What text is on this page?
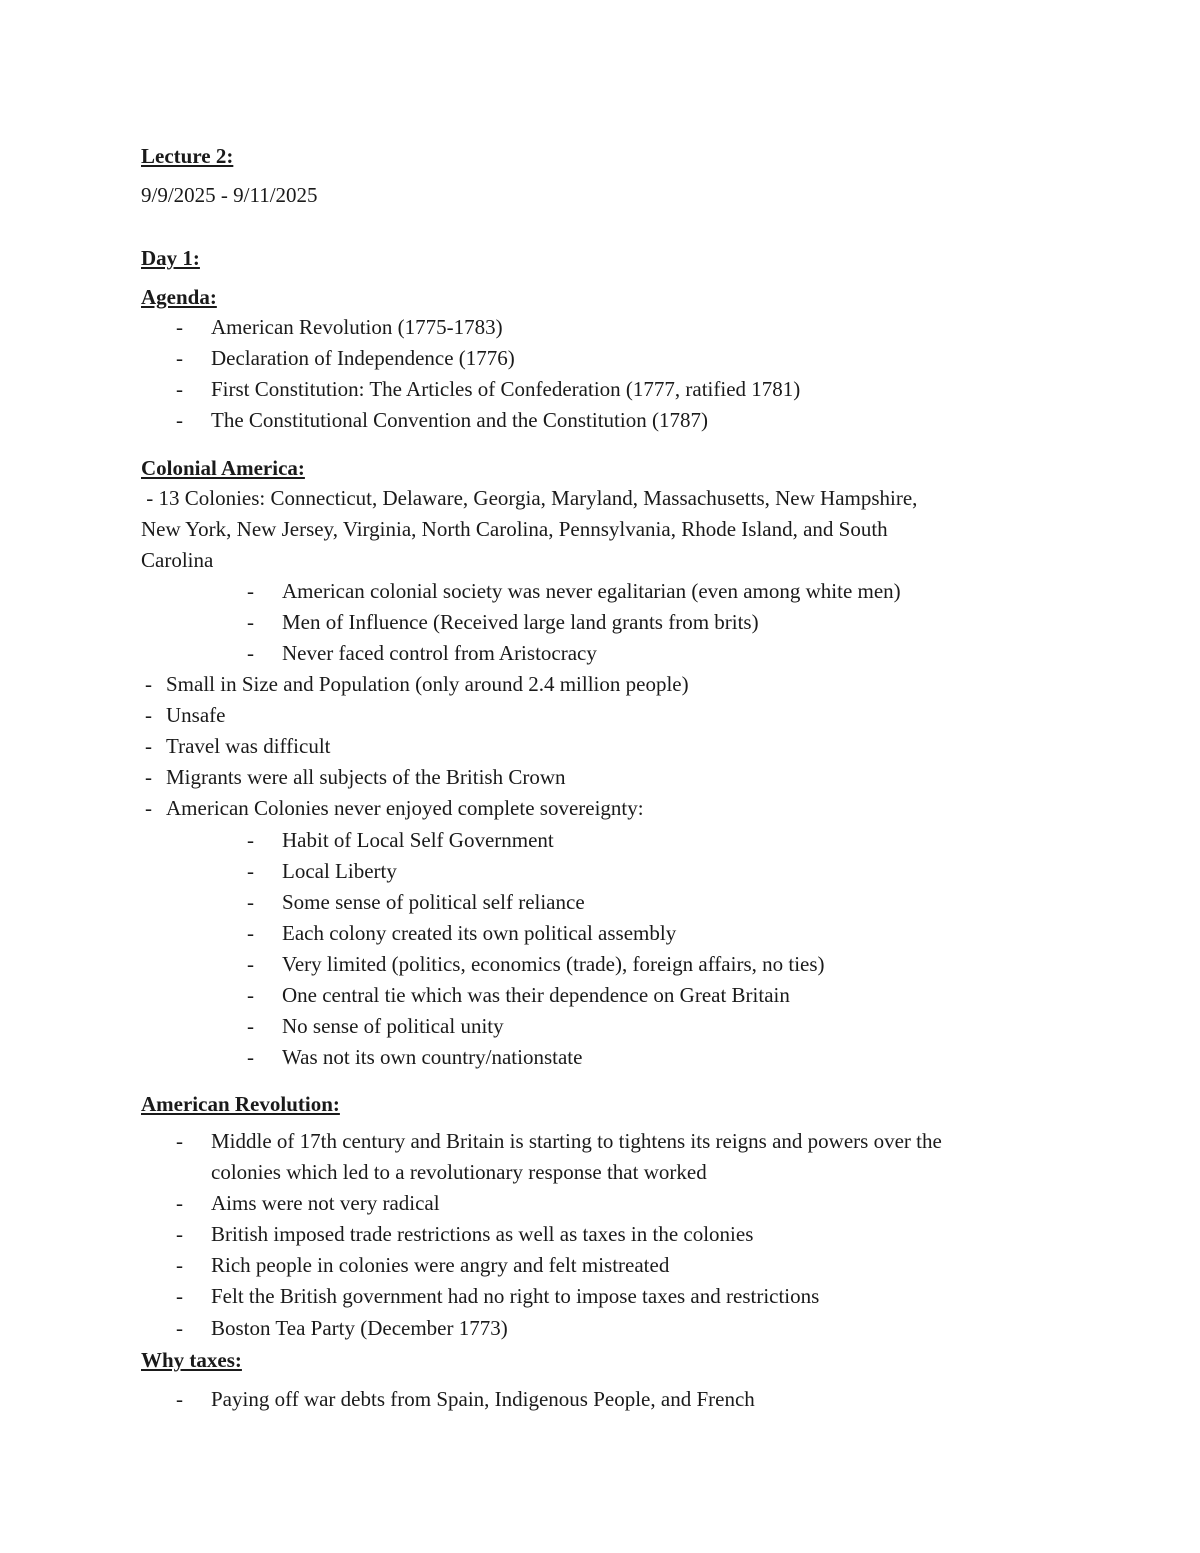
Lecture 2:
9/9/2025 - 9/11/2025
Day 1:
Agenda:
- American Revolution (1775-1783)
- Declaration of Independence (1776)
- First Constitution: The Articles of Confederation (1777, ratified 1781)
- The Constitutional Convention and the Constitution (1787)
Colonial America:
- 13 Colonies: Connecticut, Delaware, Georgia, Maryland, Massachusetts, New Hampshire,
New York, New Jersey, Virginia, North Carolina, Pennsylvania, Rhode Island, and South
Carolina
- American colonial society was never egalitarian (even among white men)
- Men of Influence (Received large land grants from brits)
- Never faced control from Aristocracy
- Small in Size and Population (only around 2.4 million people)
- Unsafe
- Travel was difficult
- Migrants were all subjects of the British Crown
- American Colonies never enjoyed complete sovereignty:
- Habit of Local Self Government
- Local Liberty
- Some sense of political self reliance
- Each colony created its own political assembly
- Very limited (politics, economics (trade), foreign affairs, no ties)
- One central tie which was their dependence on Great Britain
- No sense of political unity
- Was not its own country/nationstate
American Revolution:
- Middle of 17th century and Britain is starting to tightens its reigns and powers over the
colonies which led to a revolutionary response that worked
- Aims were not very radical
- British imposed trade restrictions as well as taxes in the colonies
- Rich people in colonies were angry and felt mistreated
- Felt the British government had no right to impose taxes and restrictions
- Boston Tea Party (December 1773)
Why taxes:
- Paying off war debts from Spain, Indigenous People, and French
